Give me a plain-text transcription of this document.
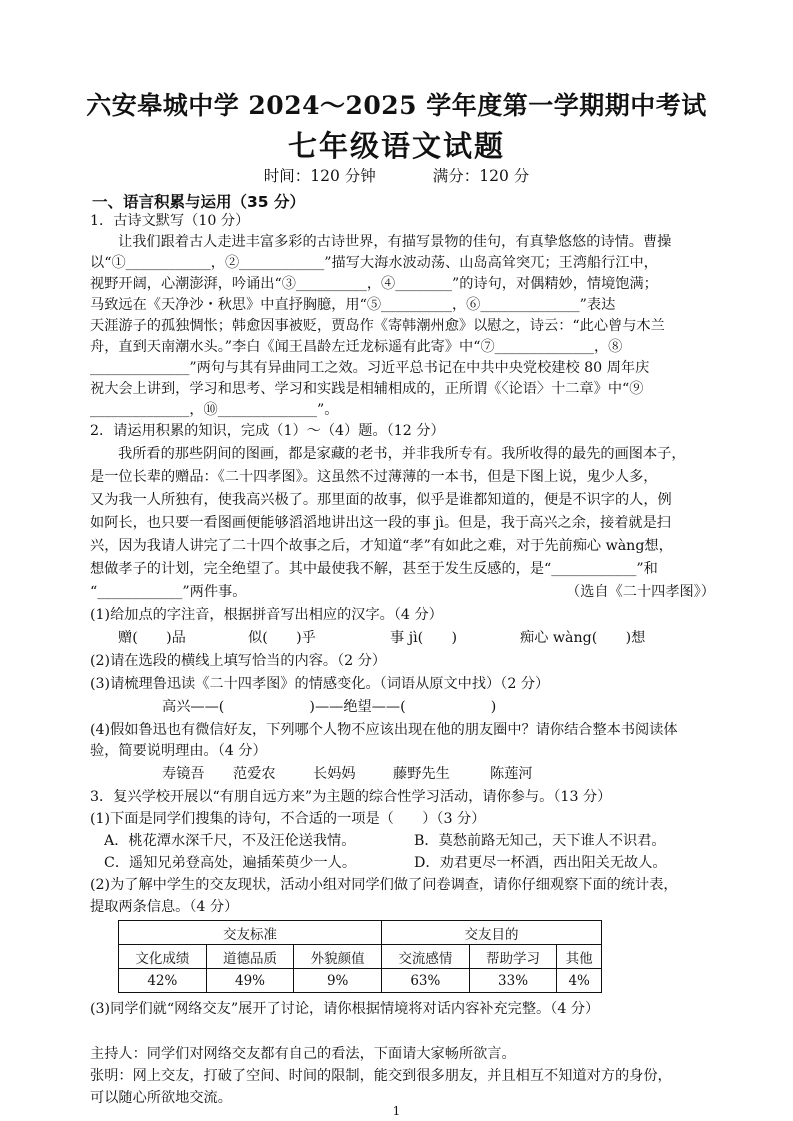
六安皋城中学 2024～2025 学年度第一学期期中考试
七年级语文试题
时间：120 分钟	满分：120 分
一、语言积累与运用（35 分）
1．古诗文默写（10 分）
让我们跟着古人走进丰富多彩的古诗世界，有描写景物的佳句，有真挚悠悠的诗情。曹操
以“①____________，②____________”描写大海水波动荡、山岛高耸突兀；王湾船行江中，
视野开阔，心潮澎湃，吟诵出“③__________，④________”的诗句，对偶精妙，情境饱满；
马致远在《天净沙・秋思》中直抒胸臆，用“⑤__________，⑥______________”表达
天涯游子的孤独惆怅；韩愈因事被贬，贾岛作《寄韩潮州愈》以慰之，诗云：“此心曾与木兰
舟，直到天南潮水头。”李白《闻王昌龄左迁龙标遥有此寄》中“⑦______________，⑧
______________”两句与其有异曲同工之效。习近平总书记在中共中央党校建校 80 周年庆
祝大会上讲到，学习和思考、学习和实践是相辅相成的，正所谓《〈论语〉十二章》中“⑨
______________，⑩______________”。
2．请运用积累的知识，完成（1）～（4）题。（12 分）
我所看的那些阴间的图画，都是家藏的老书，并非我所专有。我所收得的最先的画图本子，
是一位长辈的赠品：《二十四孝图》。这虽然不过薄薄的一本书，但是下图上说，鬼少人多，
又为我一人所独有，使我高兴极了。那里面的故事，似乎是谁都知道的，便是不识字的人，例
如阿长，也只要一看图画便能够滔滔地讲出这一段的事 jì。但是，我于高兴之余，接着就是扫
兴，因为我请人讲完了二十四个故事之后，才知道“孝”有如此之难，对于先前痴心 wàng想，
想做孝子的计划，完全绝望了。其中最使我不解，甚至于发生反感的，是“____________”和
“____________”两件事。	（选自《二十四孝图》）
(1)给加点的字注音，根据拼音写出相应的汉字。（4 分）
赠(　　)品	似(　　)乎	事 jì(　　)	痴心 wàng(　　)想
(2)请在选段的横线上填写恰当的内容。（2 分）
(3)请梳理鲁迅读《二十四孝图》的情感变化。（词语从原文中找）（2 分）
高兴——(　　　　　　)——绝望——(　　　　　　)
(4)假如鲁迅也有微信好友，下列哪个人物不应该出现在他的朋友圈中？请你结合整本书阅读体
验，简要说明理由。（4 分）
寿镜吾	范爱农	长妈妈	藤野先生	陈莲河
3．复兴学校开展以“有朋自远方来”为主题的综合性学习活动，请你参与。（13 分）
(1)下面是同学们搜集的诗句，不合适的一项是（　　）（3 分）
A．桃花潭水深千尺，不及汪伦送我情。	B．莫愁前路无知己，天下谁人不识君。
C．遥知兄弟登高处，遍插茱萸少一人。	D．劝君更尽一杯酒，西出阳关无故人。
(2)为了解中学生的交友现状，活动小组对同学们做了问卷调查，请你仔细观察下面的统计表，
提取两条信息。（4 分）
交友标准			交友目的		
文化成绩	道德品质	外貌颜值	交流感情	帮助学习	其他
42%	49%	9%	63%	33%	4%
(3)同学们就“网络交友”展开了讨论，请你根据情境将对话内容补充完整。（4 分）
主持人：同学们对网络交友都有自己的看法，下面请大家畅所欲言。
张明：网上交友，打破了空间、时间的限制，能交到很多朋友，并且相互不知道对方的身份，
可以随心所欲地交流。
1
